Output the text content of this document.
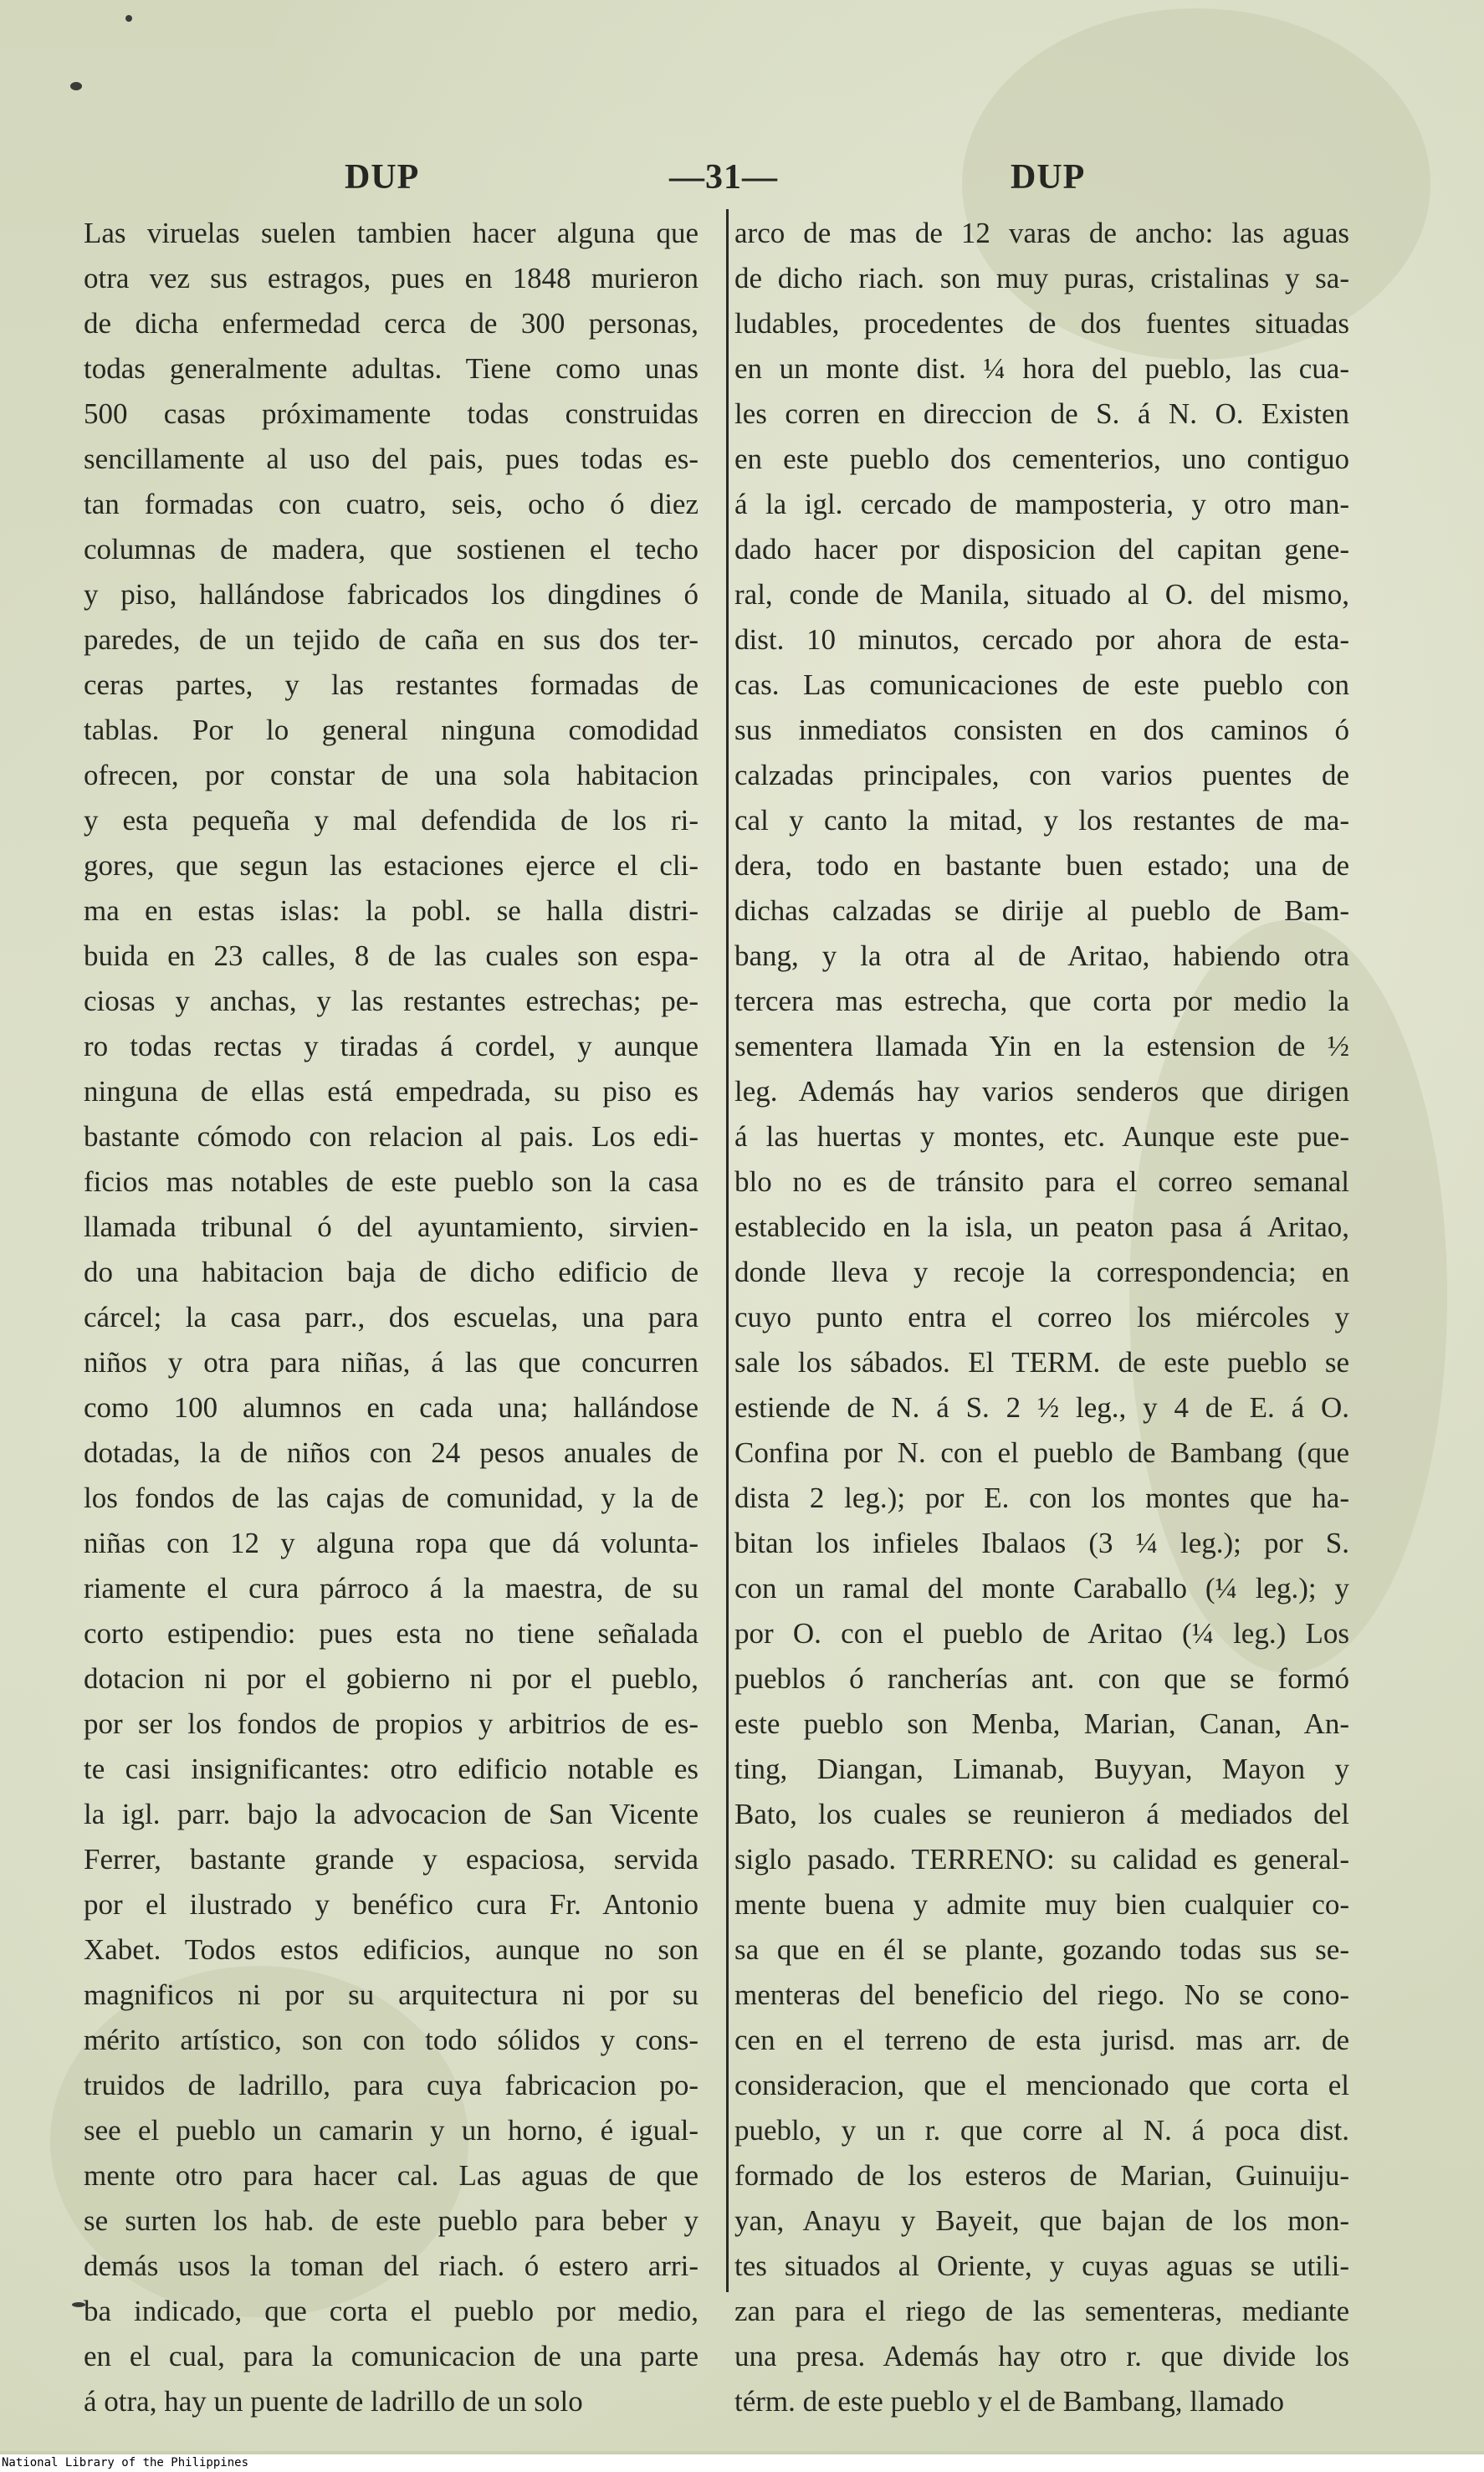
DUP	—31—	DUP
Las viruelas suelen tambien hacer alguna que
otra vez sus estragos, pues en 1848 murieron
de dicha enfermedad cerca de 300 personas,
todas generalmente adultas. Tiene como unas
500 casas próximamente todas construidas
sencillamente al uso del pais, pues todas es-
tan formadas con cuatro, seis, ocho ó diez
columnas de madera, que sostienen el techo
y piso, hallándose fabricados los dingdines ó
paredes, de un tejido de caña en sus dos ter-
ceras partes, y las restantes formadas de
tablas. Por lo general ninguna comodidad
ofrecen, por constar de una sola habitacion
y esta pequeña y mal defendida de los ri-
gores, que segun las estaciones ejerce el cli-
ma en estas islas: la pobl. se halla distri-
buida en 23 calles, 8 de las cuales son espa-
ciosas y anchas, y las restantes estrechas; pe-
ro todas rectas y tiradas á cordel, y aunque
ninguna de ellas está empedrada, su piso es
bastante cómodo con relacion al pais. Los edi-
ficios mas notables de este pueblo son la casa
llamada tribunal ó del ayuntamiento, sirvien-
do una habitacion baja de dicho edificio de
cárcel; la casa parr., dos escuelas, una para
niños y otra para niñas, á las que concurren
como 100 alumnos en cada una; hallándose
dotadas, la de niños con 24 pesos anuales de
los fondos de las cajas de comunidad, y la de
niñas con 12 y alguna ropa que dá volunta-
riamente el cura párroco á la maestra, de su
corto estipendio: pues esta no tiene señalada
dotacion ni por el gobierno ni por el pueblo,
por ser los fondos de propios y arbitrios de es-
te casi insignificantes: otro edificio notable es
la igl. parr. bajo la advocacion de San Vicente
Ferrer, bastante grande y espaciosa, servida
por el ilustrado y benéfico cura Fr. Antonio
Xabet. Todos estos edificios, aunque no son
magnificos ni por su arquitectura ni por su
mérito artístico, son con todo sólidos y cons-
truidos de ladrillo, para cuya fabricacion po-
see el pueblo un camarin y un horno, é igual-
mente otro para hacer cal. Las aguas de que
se surten los hab. de este pueblo para beber y
demás usos la toman del riach. ó estero arri-
ba indicado, que corta el pueblo por medio,
en el cual, para la comunicacion de una parte
á otra, hay un puente de ladrillo de un solo
arco de mas de 12 varas de ancho: las aguas
de dicho riach. son muy puras, cristalinas y sa-
ludables, procedentes de dos fuentes situadas
en un monte dist. ¼ hora del pueblo, las cua-
les corren en direccion de S. á N. O. Existen
en este pueblo dos cementerios, uno contiguo
á la igl. cercado de mamposteria, y otro man-
dado hacer por disposicion del capitan gene-
ral, conde de Manila, situado al O. del mismo,
dist. 10 minutos, cercado por ahora de esta-
cas. Las comunicaciones de este pueblo con
sus inmediatos consisten en dos caminos ó
calzadas principales, con varios puentes de
cal y canto la mitad, y los restantes de ma-
dera, todo en bastante buen estado; una de
dichas calzadas se dirije al pueblo de Bam-
bang, y la otra al de Aritao, habiendo otra
tercera mas estrecha, que corta por medio la
sementera llamada Yin en la estension de ½
leg. Además hay varios senderos que dirigen
á las huertas y montes, etc. Aunque este pue-
blo no es de tránsito para el correo semanal
establecido en la isla, un peaton pasa á Aritao,
donde lleva y recoje la correspondencia; en
cuyo punto entra el correo los miércoles y
sale los sábados. El TERM. de este pueblo se
estiende de N. á S. 2 ½ leg., y 4 de E. á O.
Confina por N. con el pueblo de Bambang (que
dista 2 leg.); por E. con los montes que ha-
bitan los infieles Ibalaos (3 ¼ leg.); por S.
con un ramal del monte Caraballo (¼ leg.); y
por O. con el pueblo de Aritao (¼ leg.) Los
pueblos ó rancherías ant. con que se formó
este pueblo son Menba, Marian, Canan, An-
ting, Diangan, Limanab, Buyyan, Mayon y
Bato, los cuales se reunieron á mediados del
siglo pasado. TERRENO: su calidad es general-
mente buena y admite muy bien cualquier co-
sa que en él se plante, gozando todas sus se-
menteras del beneficio del riego. No se cono-
cen en el terreno de esta jurisd. mas arr. de
consideracion, que el mencionado que corta el
pueblo, y un r. que corre al N. á poca dist.
formado de los esteros de Marian, Guinuiju-
yan, Anayu y Bayeit, que bajan de los mon-
tes situados al Oriente, y cuyas aguas se utili-
zan para el riego de las sementeras, mediante
una presa. Además hay otro r. que divide los
térm. de este pueblo y el de Bambang, llamado
National Library of the Philippines
